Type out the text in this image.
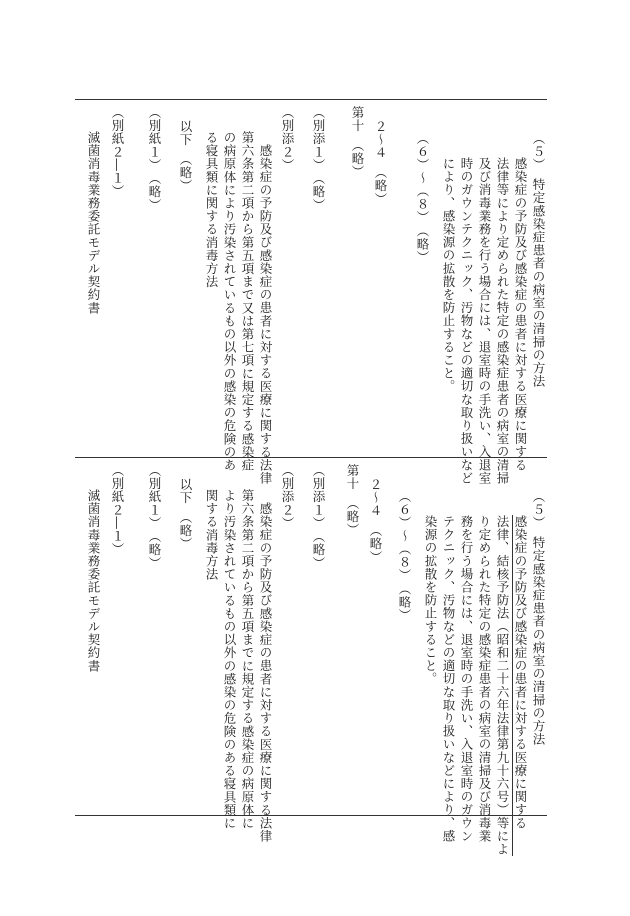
（５）　特定感染症患者の病室の清掃の方法
感染症の予防及び感染症の患者に対する医療に関する
法律等により定められた特定の感染症患者の病室の清掃
及び消毒業務を行う場合には、退室時の手洗い、入退室
時のガウンテクニック、汚物などの適切な取り扱いなど
により、感染源の拡散を防止すること。
（６）～（８）　（略）
２～４　（略）
第十　（略）
（別添１）　（略）
（別添２）
感染症の予防及び感染症の患者に対する医療に関する法律
第六条第二項から第五項まで又は第七項に規定する感染症
の病原体により汚染されているもの以外の感染の危険のあ
る寝具類に関する消毒方法
以下　（略）
（別紙１）　（略）
（別紙２―１）
滅菌消毒業務委託モデル契約書
（５）　特定感染症患者の病室の清掃の方法
感染症の予防及び感染症の患者に対する医療に関する
法律、結核予防法（昭和二十六年法律第九十六号）等によ
り定められた特定の感染症患者の病室の清掃及び消毒業
務を行う場合には、退室時の手洗い、入退室時のガウン
テクニック、汚物などの適切な取り扱いなどにより、感
染源の拡散を防止すること。
（６）～（８）　（略）
２～４　（略）
第十　（略）
（別添１）　（略）
（別添２）
感染症の予防及び感染症の患者に対する医療に関する法律
第六条第二項から第五項までに規定する感染症の病原体に
より汚染されているもの以外の感染の危険のある寝具類に
関する消毒方法
以下　（略）
（別紙１）　（略）
（別紙２―１）
滅菌消毒業務委託モデル契約書
